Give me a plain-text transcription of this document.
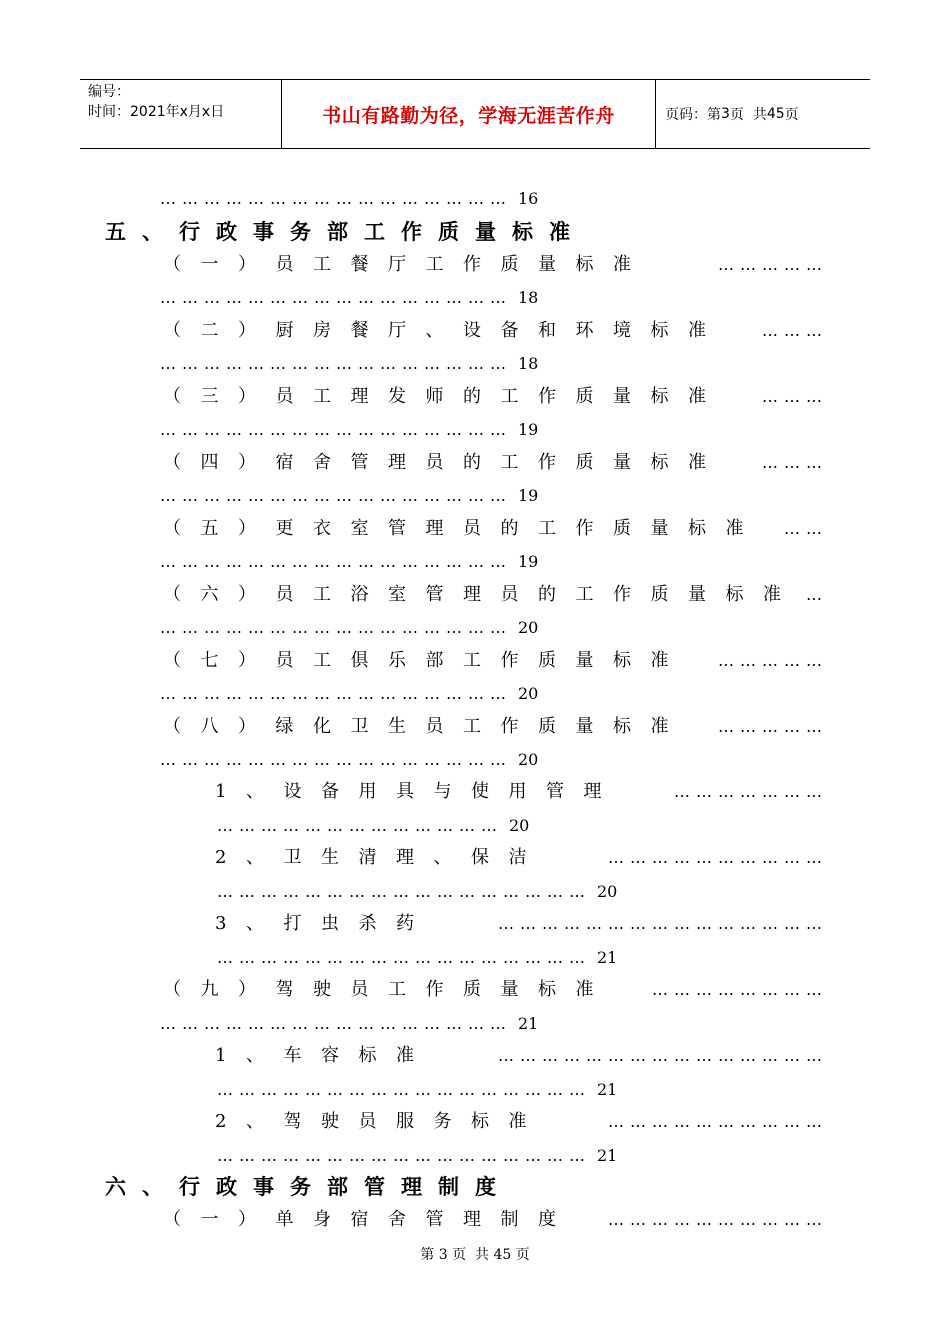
编号：
时间：2021年x月x日	书山有路勤为径，学海无涯苦作舟	页码：第 3 页  共 45 页
………………………………………… 16
五、行政事务部工作质量标准
（一）员工餐厅工作质量标准	……………
………………………………………… 18
（二）厨房餐厅、设备和环境标准 ………
………………………………………… 18
（三）员工理发师的工作质量标准 ………
………………………………………… 19
（四）宿舍管理员的工作质量标准 ………
………………………………………… 19
（五）更衣室管理员的工作质量标准 ……
………………………………………… 19
（六）员工浴室管理员的工作质量标准 …
………………………………………… 20
（七）员工俱乐部工作质量标准 ……………
………………………………………… 20
（八）绿化卫生员工作质量标准 ……………
………………………………………… 20
1、设备用具与使用管理	…………………
………………………………… 20
2、卫生清理、保洁	…………………………
…………………………………………… 20
3、打虫杀药	………………………………………
…………………………………………… 21
（九）驾驶员工作质量标准 ……………………
………………………………………… 21
1、车容标准	………………………………………
…………………………………………… 21
2、驾驶员服务标准	…………………………
…………………………………………… 21
六、行政事务部管理制度
（一）单身宿舍管理制度 …………………………
第 3 页  共 45 页
